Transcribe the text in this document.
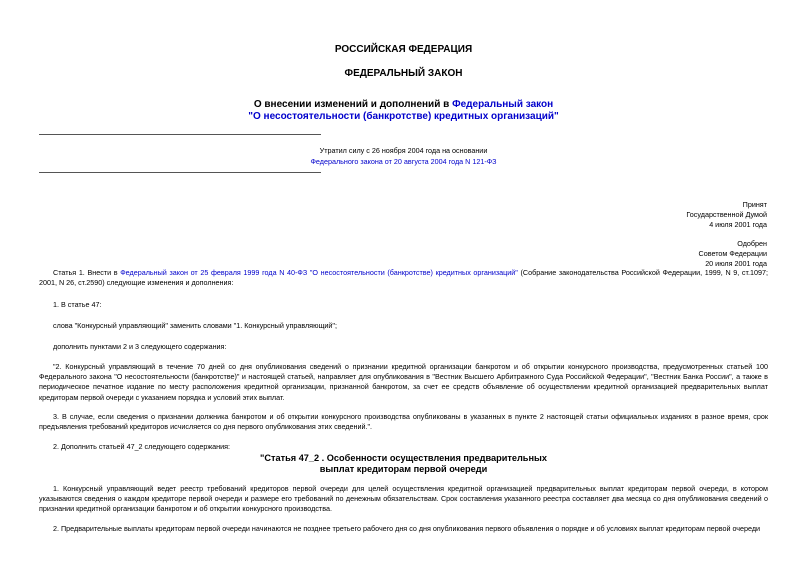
РОССИЙСКАЯ ФЕДЕРАЦИЯ
ФЕДЕРАЛЬНЫЙ ЗАКОН
О внесении изменений и дополнений в Федеральный закон
"О несостоятельности (банкротстве) кредитных организаций"
Утратил силу с 26 ноября 2004 года на основании
Федерального закона от 20 августа 2004 года N 121-ФЗ
Принят
Государственной Думой
4 июля 2001 года
Одобрен
Советом Федерации
20 июля 2001 года
Статья 1. Внести в Федеральный закон от 25 февраля 1999 года N 40-ФЗ "О несостоятельности (банкротстве) кредитных организаций" (Собрание законодательства Российской Федерации, 1999, N 9, ст.1097; 2001, N 26, ст.2590) следующие изменения и дополнения:
1. В статье 47:
слова "Конкурсный управляющий" заменить словами "1. Конкурсный управляющий";
дополнить пунктами 2 и 3 следующего содержания:
"2. Конкурсный управляющий в течение 70 дней со дня опубликования сведений о признании кредитной организации банкротом и об открытии конкурсного производства, предусмотренных статьей 100 Федерального закона "О несостоятельности (банкротстве)" и настоящей статьей, направляет для опубликования в "Вестник Высшего Арбитражного Суда Российской Федерации", "Вестник Банка России", а также в периодическое печатное издание по месту расположения кредитной организации, признанной банкротом, за счет ее средств объявление об осуществлении кредитной организацией предварительных выплат кредиторам первой очереди с указанием порядка и условий этих выплат.
3. В случае, если сведения о признании должника банкротом и об открытии конкурсного производства опубликованы в указанных в пункте 2 настоящей статьи официальных изданиях в разное время, срок предъявления требований кредиторов исчисляется со дня первого опубликования этих сведений.".
2. Дополнить статьей 47_2 следующего содержания:
"Статья 47_2 . Особенности осуществления предварительных
выплат кредиторам первой очереди
1. Конкурсный управляющий ведет реестр требований кредиторов первой очереди для целей осуществления кредитной организацией предварительных выплат кредиторам первой очереди, в котором указываются сведения о каждом кредиторе первой очереди и размере его требований по денежным обязательствам. Срок составления указанного реестра составляет два месяца со дня опубликования сведений о признании кредитной организации банкротом и об открытии конкурсного производства.
2. Предварительные выплаты кредиторам первой очереди начинаются не позднее третьего рабочего дня со дня опубликования первого объявления о порядке и об условиях выплат кредиторам первой очереди
